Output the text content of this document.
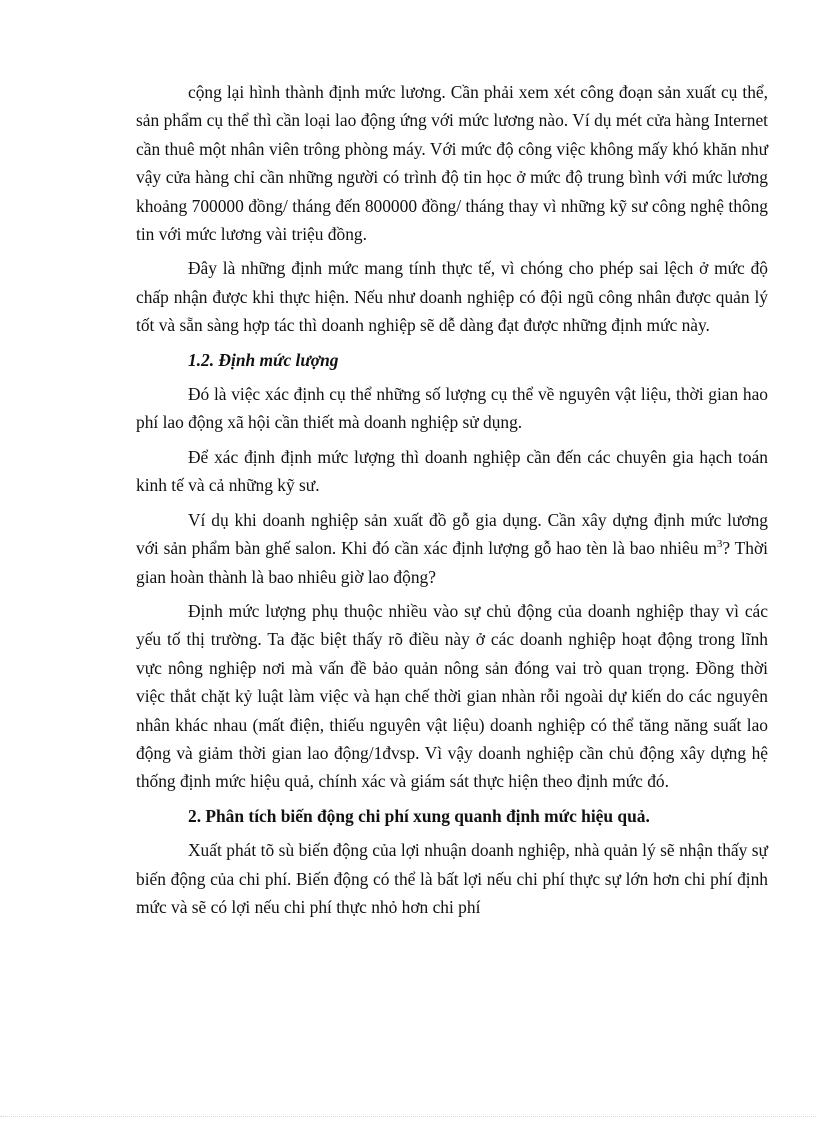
cộng lại hình thành định mức lương. Cần phải xem xét công đoạn sản xuất cụ thể, sản phẩm cụ thể thì cần loại lao động ứng với mức lương nào. Ví dụ mét cửa hàng Internet cần thuê một nhân viên trông phòng máy. Với mức độ công việc không mấy khó khăn như vậy cửa hàng chỉ cần những người có trình độ tin học ở mức độ trung bình với mức lương khoảng 700000 đồng/ tháng đến 800000 đồng/ tháng thay vì những kỹ sư công nghệ thông tin với mức lương vài triệu đồng.

Đây là những định mức mang tính thực tế, vì chóng cho phép sai lệch ở mức độ chấp nhận được khi thực hiện. Nếu như doanh nghiệp có đội ngũ công nhân được quản lý tốt và sẵn sàng hợp tác thì doanh nghiệp sẽ dễ dàng đạt được những định mức này.

1.2. Định mức lượng

Đó là việc xác định cụ thể những số lượng cụ thể về nguyên vật liệu, thời gian hao phí lao động xã hội cần thiết mà doanh nghiệp sử dụng.

Để xác định định mức lượng thì doanh nghiệp cần đến các chuyên gia hạch toán kinh tế và cả những kỹ sư.

Ví dụ khi doanh nghiệp sản xuất đồ gỗ gia dụng. Cần xây dựng định mức lương với sản phẩm bàn ghế salon. Khi đó cần xác định lượng gỗ hao tèn là bao nhiêu $m^3$? Thời gian hoàn thành là bao nhiêu giờ lao động?

Định mức lượng phụ thuộc nhiều vào sự chủ động của doanh nghiệp thay vì các yếu tố thị trường. Ta đặc biệt thấy rõ điều này ở các doanh nghiệp hoạt động trong lĩnh vực nông nghiệp nơi mà vấn đề bảo quản nông sản đóng vai trò quan trọng. Đồng thời việc thắt chặt kỷ luật làm việc và hạn chế thời gian nhàn rỗi ngoài dự kiến do các nguyên nhân khác nhau (mất điện, thiếu nguyên vật liệu) doanh nghiệp có thể tăng năng suất lao động và giảm thời gian lao động/1đvsp. Vì vậy doanh nghiệp cần chủ động xây dựng hệ thống định mức hiệu quả, chính xác và giám sát thực hiện theo định mức đó.

2. Phân tích biến động chi phí xung quanh định mức hiệu quả.

Xuất phát tõ sù biến động của lợi nhuận doanh nghiệp, nhà quản lý sẽ nhận thấy sự biến động của chi phí. Biến động có thể là bất lợi nếu chi phí thực sự lớn hơn chi phí định mức và sẽ có lợi nếu chi phí thực nhỏ hơn chi phí
